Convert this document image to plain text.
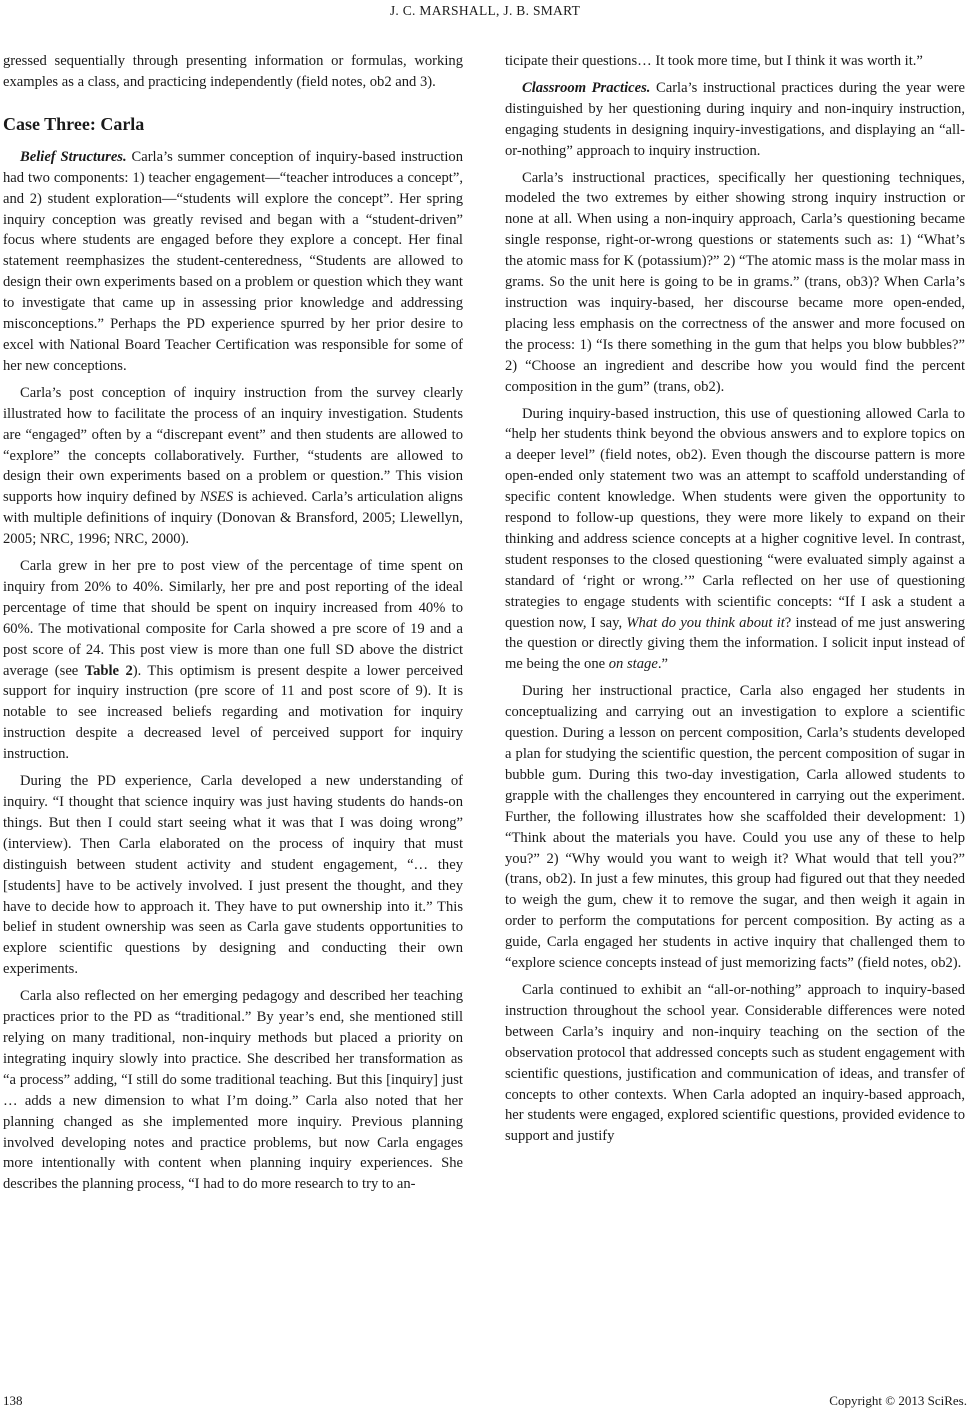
J. C. MARSHALL, J. B. SMART

gressed sequentially through presenting information or formulas, working examples as a class, and practicing independently (field notes, ob2 and 3).

Case Three: Carla

Belief Structures. Carla’s summer conception of inquiry-based instruction had two components: 1) teacher engagement—“teacher introduces a concept”, and 2) student exploration—“students will explore the concept”. Her spring inquiry conception was greatly revised and began with a “student-driven” focus where students are engaged before they explore a concept. Her final statement reemphasizes the student-centeredness, “Students are allowed to design their own experiments based on a problem or question which they want to investigate that came up in assessing prior knowledge and addressing misconceptions.” Perhaps the PD experience spurred by her prior desire to excel with National Board Teacher Certification was responsible for some of her new conceptions.

Carla’s post conception of inquiry instruction from the survey clearly illustrated how to facilitate the process of an inquiry investigation. Students are “engaged” often by a “discrepant event” and then students are allowed to “explore” the concepts collaboratively. Further, “students are allowed to design their own experiments based on a problem or question.” This vision supports how inquiry defined by NSES is achieved. Carla’s articulation aligns with multiple definitions of inquiry (Donovan & Bransford, 2005; Llewellyn, 2005; NRC, 1996; NRC, 2000).

Carla grew in her pre to post view of the percentage of time spent on inquiry from 20% to 40%. Similarly, her pre and post reporting of the ideal percentage of time that should be spent on inquiry increased from 40% to 60%. The motivational composite for Carla showed a pre score of 19 and a post score of 24. This post view is more than one full SD above the district average (see Table 2). This optimism is present despite a lower perceived support for inquiry instruction (pre score of 11 and post score of 9). It is notable to see increased beliefs regarding and motivation for inquiry instruction despite a decreased level of perceived support for inquiry instruction.

During the PD experience, Carla developed a new understanding of inquiry. “I thought that science inquiry was just having students do hands-on things. But then I could start seeing what it was that I was doing wrong” (interview). Then Carla elaborated on the process of inquiry that must distinguish between student activity and student engagement, “… they [students] have to be actively involved. I just present the thought, and they have to decide how to approach it. They have to put ownership into it.” This belief in student ownership was seen as Carla gave students opportunities to explore scientific questions by designing and conducting their own experiments.

Carla also reflected on her emerging pedagogy and described her teaching practices prior to the PD as “traditional.” By year’s end, she mentioned still relying on many traditional, non-inquiry methods but placed a priority on integrating inquiry slowly into practice. She described her transformation as “a process” adding, “I still do some traditional teaching. But this [inquiry] just … adds a new dimension to what I’m doing.” Carla also noted that her planning changed as she implemented more inquiry. Previous planning involved developing notes and practice problems, but now Carla engages more intentionally with content when planning inquiry experiences. She describes the planning process, “I had to do more research to try to an-

ticipate their questions… It took more time, but I think it was worth it.”

Classroom Practices. Carla’s instructional practices during the year were distinguished by her questioning during inquiry and non-inquiry instruction, engaging students in designing inquiry-investigations, and displaying an “all-or-nothing” approach to inquiry instruction.

Carla’s instructional practices, specifically her questioning techniques, modeled the two extremes by either showing strong inquiry instruction or none at all. When using a non-inquiry approach, Carla’s questioning became single response, right-or-wrong questions or statements such as: 1) “What’s the atomic mass for K (potassium)?” 2) “The atomic mass is the molar mass in grams. So the unit here is going to be in grams.” (trans, ob3)? When Carla’s instruction was inquiry-based, her discourse became more open-ended, placing less emphasis on the correctness of the answer and more focused on the process: 1) “Is there something in the gum that helps you blow bubbles?” 2) “Choose an ingredient and describe how you would find the percent composition in the gum” (trans, ob2).

During inquiry-based instruction, this use of questioning allowed Carla to “help her students think beyond the obvious answers and to explore topics on a deeper level” (field notes, ob2). Even though the discourse pattern is more open-ended only statement two was an attempt to scaffold understanding of specific content knowledge. When students were given the opportunity to respond to follow-up questions, they were more likely to expand on their thinking and address science concepts at a higher cognitive level. In contrast, student responses to the closed questioning “were evaluated simply against a standard of ‘right or wrong.’” Carla reflected on her use of questioning strategies to engage students with scientific concepts: “If I ask a student a question now, I say, What do you think about it? instead of me just answering the question or directly giving them the information. I solicit input instead of me being the one on stage.”

During her instructional practice, Carla also engaged her students in conceptualizing and carrying out an investigation to explore a scientific question. During a lesson on percent composition, Carla’s students developed a plan for studying the scientific question, the percent composition of sugar in bubble gum. During this two-day investigation, Carla allowed students to grapple with the challenges they encountered in carrying out the experiment. Further, the following illustrates how she scaffolded their development: 1) “Think about the materials you have. Could you use any of these to help you?” 2) “Why would you want to weigh it? What would that tell you?” (trans, ob2). In just a few minutes, this group had figured out that they needed to weigh the gum, chew it to remove the sugar, and then weigh it again in order to perform the computations for percent composition. By acting as a guide, Carla engaged her students in active inquiry that challenged them to “explore science concepts instead of just memorizing facts” (field notes, ob2).

Carla continued to exhibit an “all-or-nothing” approach to inquiry-based instruction throughout the school year. Considerable differences were noted between Carla’s inquiry and non-inquiry teaching on the section of the observation protocol that addressed concepts such as student engagement with scientific questions, justification and communication of ideas, and transfer of concepts to other contexts. When Carla adopted an inquiry-based approach, her students were engaged, explored scientific questions, provided evidence to support and justify

138	Copyright © 2013 SciRes.
